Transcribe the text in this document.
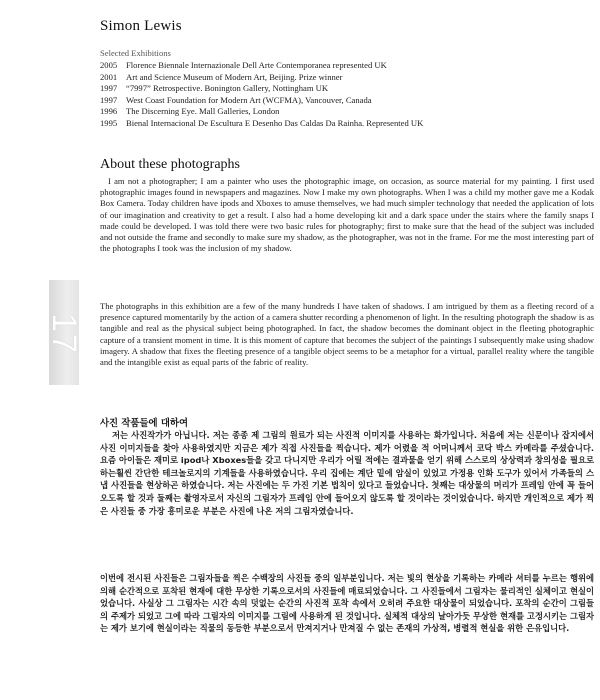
Simon Lewis
Selected Exhibitions
2005 Florence Biennale Internazionale Dell Arte Contemporanea represented UK
2001 Art and Science Museum of Modern Art, Beijing. Prize winner
1997 “7997” Retrospective. Bonington Gallery, Nottingham UK
1997 West Coast Foundation for Modern Art (WCFMA), Vancouver, Canada
1996 The Discerning Eye. Mall Galleries, London
1995 Bienal Internacional De Escultura E Desenho Das Caldas Da Rainha. Represented UK
About these photographs

I am not a photographer; I am a painter who uses the photographic image, on occasion, as source material for my painting. I first used photographic images found in newspapers and magazines. Now I make my own photographs. When I was a child my mother gave me a Kodak Box Camera. Today children have ipods and Xboxes to amuse themselves, we had much simpler technology that needed the application of lots of our imagination and creativity to get a result. I also had a home developing kit and a dark space under the stairs where the family snaps I made could be developed. I was told there were two basic rules for photography; first to make sure that the head of the subject was included and not outside the frame and secondly to make sure my shadow, as the photographer, was not in the frame. For me the most interesting part of the photographs I took was the inclusion of my shadow.

The photographs in this exhibition are a few of the many hundreds I have taken of shadows. I am intrigued by them as a fleeting record of a presence captured momentarily by the action of a camera shutter recording a phenomenon of light. In the resulting photograph the shadow is as tangible and real as the physical subject being photographed. In fact, the shadow becomes the dominant object in the fleeting photographic capture of a transient moment in time. It is this moment of capture that becomes the subject of the paintings I subsequently make using shadow imagery. A shadow that fixes the fleeting presence of a tangible object seems to be a metaphor for a virtual, parallel reality where the tangible and the intangible exist as equal parts of the fabric of reality.

사진 작품들에 대하여

저는 사진작가가 아닙니다. 저는 종종 제 그림의 원료가 되는 사진적 이미지를 사용하는 화가입니다. 처음에 저는 신문이나 잡지에서 사진 이미지들을 찾아 사용하였지만 지금은 제가 직접 사진들을 찍습니다. 제가 어렸을 적 어머니께서 코닥 박스 카메라를 주셨습니다. 요즘 아이들은 재미로 ipod나 Xboxes들을 갖고 다니지만 우리가 어릴 적에는 결과물을 얻기 위해 스스로의 상상력과 창의성을 필요로 하는훨씬 간단한 테크놀로지의 기계들을 사용하였습니다. 우리 집에는 계단 밑에 암실이 있었고 가정용 인화 도구가 있어서 가족들의 스냅 사진들을 현상하곤 하였습니다. 저는 사진에는 두 가진 기본 법칙이 있다고 들었습니다. 첫째는 대상물의 머리가 프레임 안에 꼭 들어오도록 할 것과 둘째는 촬영자로서 자신의 그림자가 프레임 안에 들어오지 않도록 할 것이라는 것이었습니다. 하지만 개인적으로 제가 찍은 사진들 중 가장 흥미로운 부분은 사진에 나온 저의 그림자였습니다.

이번에 전시된 사진들은 그림자들을 찍은 수백장의 사진들 중의 일부분입니다. 저는 빛의 현상을 기록하는 카메라 셔터를 누르는 행위에 의해 순간적으로 포착된 현재에 대한 무상한 기록으로서의 사진들에 매료되었습니다. 그 사진들에서 그림자는 물리적인 실체이고 현실이었습니다. 사실상 그 그림자는 시간 속의 덧없는 순간의 사진적 포착 속에서 오히려 주요한 대상물이 되었습니다. 포착의 순간이 그림들의 주제가 되었고 그에 따라 그림자의 이미지를 그림에 사용하게 된 것입니다. 실체적 대상의 날아가듯 무상한 현재를 고정시키는 그림자는 제가 보기에 현실이라는 직물의 동등한 부분으로서 만져지거나 만져질 수 없는 존재의 가상적, 병렬적 현실을 위한 은유입니다.

17
